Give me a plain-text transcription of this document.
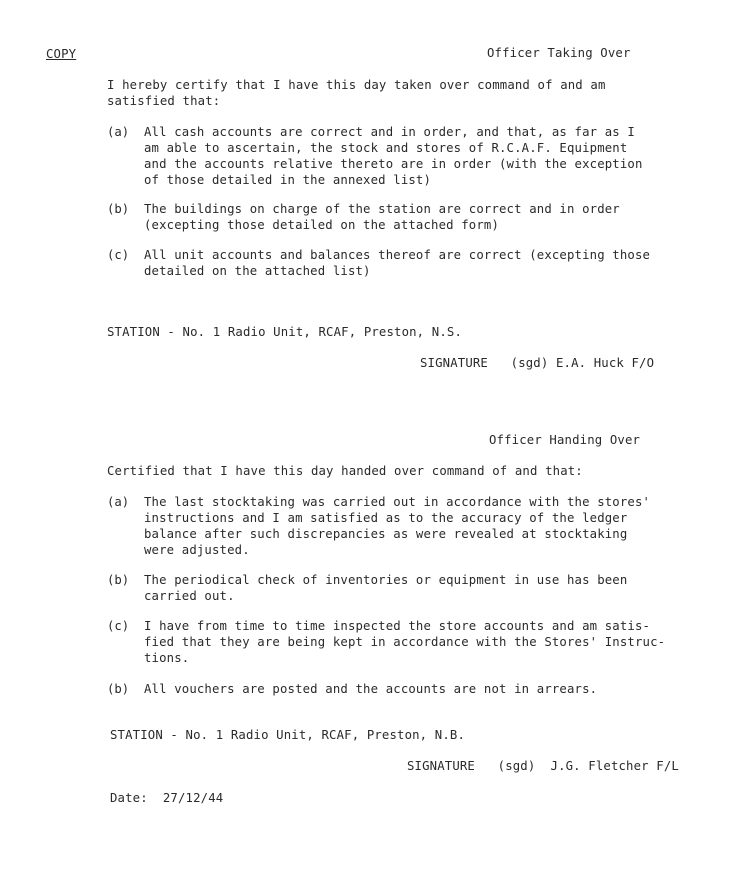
COPY	Officer Taking Over
I hereby certify that I have this day taken over command of and am
satisfied that:
(a) All cash accounts are correct and in order, and that, as far as I
am able to ascertain, the stock and stores of R.C.A.F. Equipment
and the accounts relative thereto are in order (with the exception
of those detailed in the annexed list)
(b) The buildings on charge of the station are correct and in order
(excepting those detailed on the attached form)
(c) All unit accounts and balances thereof are correct (excepting those
detailed on the attached list)
STATION - No. 1 Radio Unit, RCAF, Preston, N.S.
SIGNATURE   (sgd) E.A. Huck F/O
Officer Handing Over
Certified that I have this day handed over command of and that:
(a) The last stocktaking was carried out in accordance with the stores'
instructions and I am satisfied as to the accuracy of the ledger
balance after such discrepancies as were revealed at stocktaking
were adjusted.
(b) The periodical check of inventories or equipment in use has been
carried out.
(c) I have from time to time inspected the store accounts and am satis-
fied that they are being kept in accordance with the Stores' Instruc-
tions.
(b) All vouchers are posted and the accounts are not in arrears.
STATION - No. 1 Radio Unit, RCAF, Preston, N.B.
SIGNATURE   (sgd)  J.G. Fletcher F/L
Date:  27/12/44
